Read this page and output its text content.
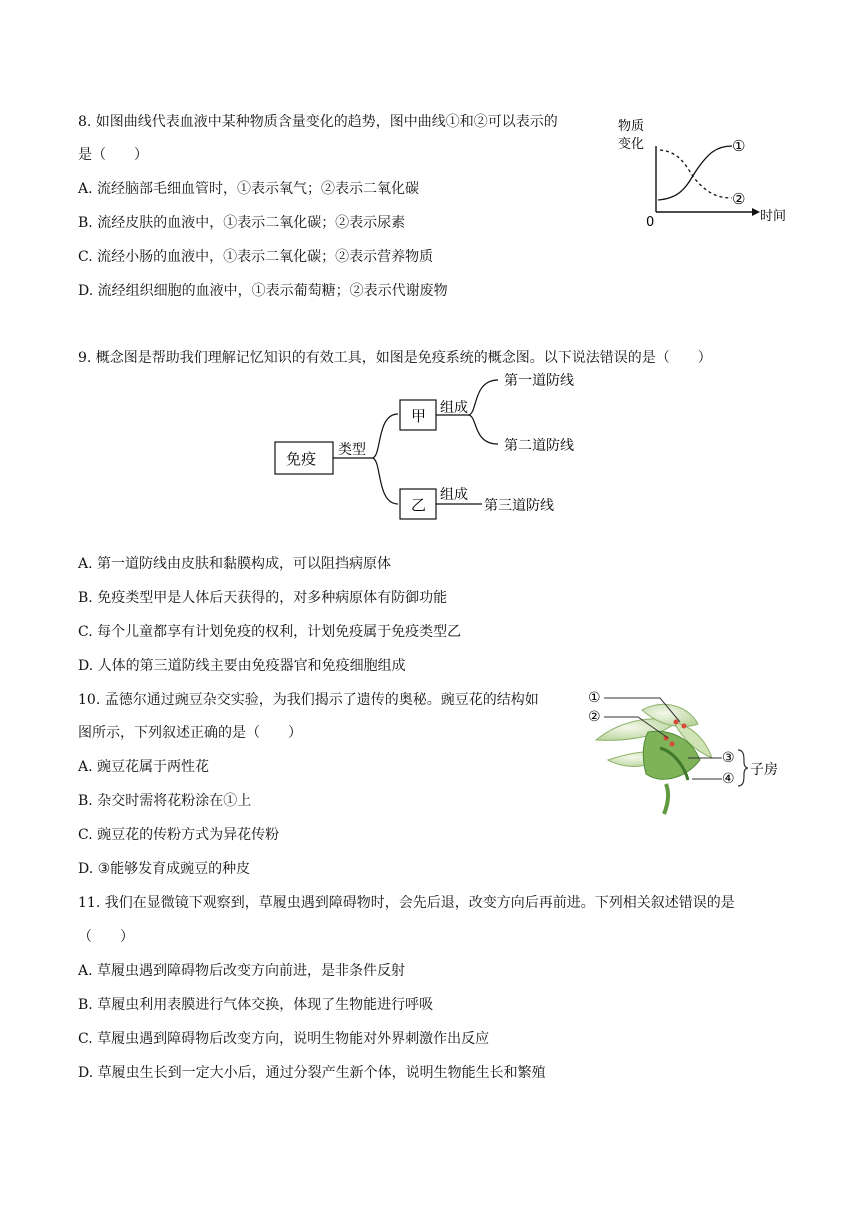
8. 如图曲线代表血液中某种物质含量变化的趋势，图中曲线①和②可以表示的
是（　　）
A. 流经脑部毛细血管时，①表示氧气；②表示二氧化碳
B. 流经皮肤的血液中，①表示二氧化碳；②表示尿素
C. 流经小肠的血液中，①表示二氧化碳；②表示营养物质
D. 流经组织细胞的血液中，①表示葡萄糖；②表示代谢废物
物质
变化
0	时间
①
②
9. 概念图是帮助我们理解记忆知识的有效工具，如图是免疫系统的概念图。以下说法错误的是（　　）
免疫 类型
甲
乙
组成
第一道防线
第二道防线
组成
第三道防线
A. 第一道防线由皮肤和黏膜构成，可以阻挡病原体
B. 免疫类型甲是人体后天获得的，对多种病原体有防御功能
C. 每个儿童都享有计划免疫的权利，计划免疫属于免疫类型乙
D. 人体的第三道防线主要由免疫器官和免疫细胞组成
10. 孟德尔通过豌豆杂交实验，为我们揭示了遗传的奥秘。豌豆花的结构如
图所示，下列叙述正确的是（　　）
A. 豌豆花属于两性花
B. 杂交时需将花粉涂在①上
C. 豌豆花的传粉方式为异花传粉
D. ③能够发育成豌豆的种皮
①
②
③
④
子房
11. 我们在显微镜下观察到，草履虫遇到障碍物时，会先后退，改变方向后再前进。下列相关叙述错误的是
（　　）
A. 草履虫遇到障碍物后改变方向前进，是非条件反射
B. 草履虫利用表膜进行气体交换，体现了生物能进行呼吸
C. 草履虫遇到障碍物后改变方向，说明生物能对外界刺激作出反应
D. 草履虫生长到一定大小后，通过分裂产生新个体，说明生物能生长和繁殖
